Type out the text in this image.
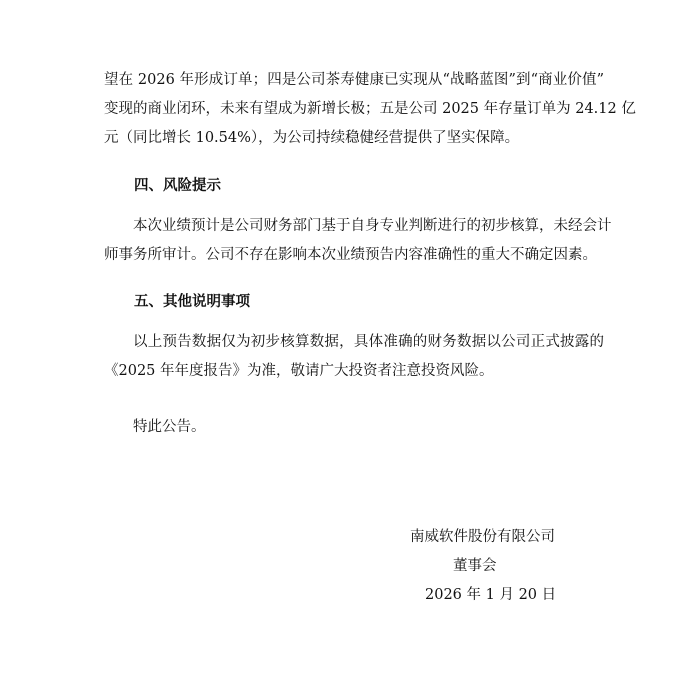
望在 2026 年形成订单；四是公司茶寿健康已实现从“战略蓝图”到“商业价值”
变现的商业闭环，未来有望成为新增长极；五是公司 2025 年存量订单为 24.12 亿
元（同比增长 10.54%），为公司持续稳健经营提供了坚实保障。

四、风险提示

本次业绩预计是公司财务部门基于自身专业判断进行的初步核算，未经会计
师事务所审计。公司不存在影响本次业绩预告内容准确性的重大不确定因素。

五、其他说明事项

以上预告数据仅为初步核算数据，具体准确的财务数据以公司正式披露的
《2025 年年度报告》为准，敬请广大投资者注意投资风险。

特此公告。

南威软件股份有限公司

董事会

2026 年 1 月 20 日
